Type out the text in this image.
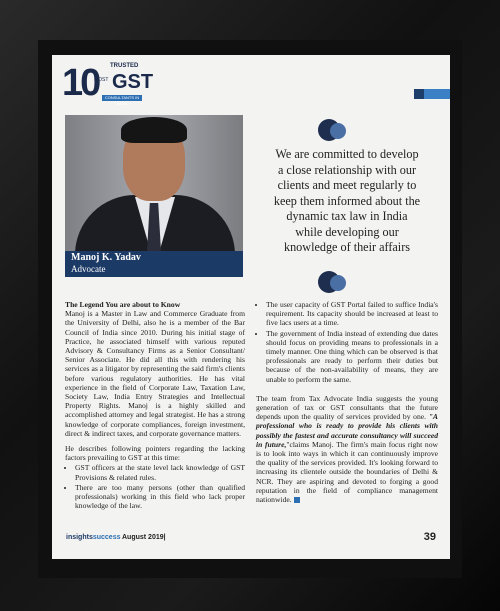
10 TRUSTED
MOST GST
CONSULTANTS IN INDIA
Manoj K. Yadav
Advocate
We are committed to develop a close relationship with our clients and meet regularly to keep them informed about the dynamic tax law in India while developing our knowledge of their affairs
The Legend You are about to Know

Manoj is a Master in Law and Commerce Graduate from the University of Delhi, also he is a member of the Bar Council of India since 2010. During his initial stage of Practice, he associated himself with various reputed Advisory & Consultancy Firms as a Senior Consultant/ Senior Associate. He did all this with rendering his services as a litigator by representing the said firm's clients before various regulatory authorities. He has vital experience in the field of Corporate Law, Taxation Law, Society Law, India Entry Strategies and Intellectual Property Rights. Manoj is a highly skilled and accomplished attorney and legal strategist. He has a strong knowledge of corporate compliances, foreign investment, direct & indirect taxes, and corporate governance matters.

He describes following pointers regarding the lacking factors prevailing to GST at this time:

• GST officers at the state level lack knowledge of GST Provisions & related rules.
• There are too many persons (other than qualified professionals) working in this field who lack proper knowledge of the law.
• The user capacity of GST Portal failed to suffice India's requirement. Its capacity should be increased at least to five lacs users at a time.
• The government of India instead of extending due dates should focus on providing means to professionals in a timely manner. One thing which can be observed is that professionals are ready to perform their duties but because of the non-availability of means, they are unable to perform the same.

The team from Tax Advocate India suggests the young generation of tax or GST consultants that the future depends upon the quality of services provided by one. "A professional who is ready to provide his clients with possibly the fastest and accurate consultancy will succeed in future,"claims Manoj. The firm's main focus right now is to look into ways in which it can continuously improve the quality of the services provided. It's looking forward to increasing its clientele outside the boundaries of Delhi & NCR. They are aspiring and devoted to forging a good reputation in the field of compliance management nationwide.

insightssuccess August 2019|	39
